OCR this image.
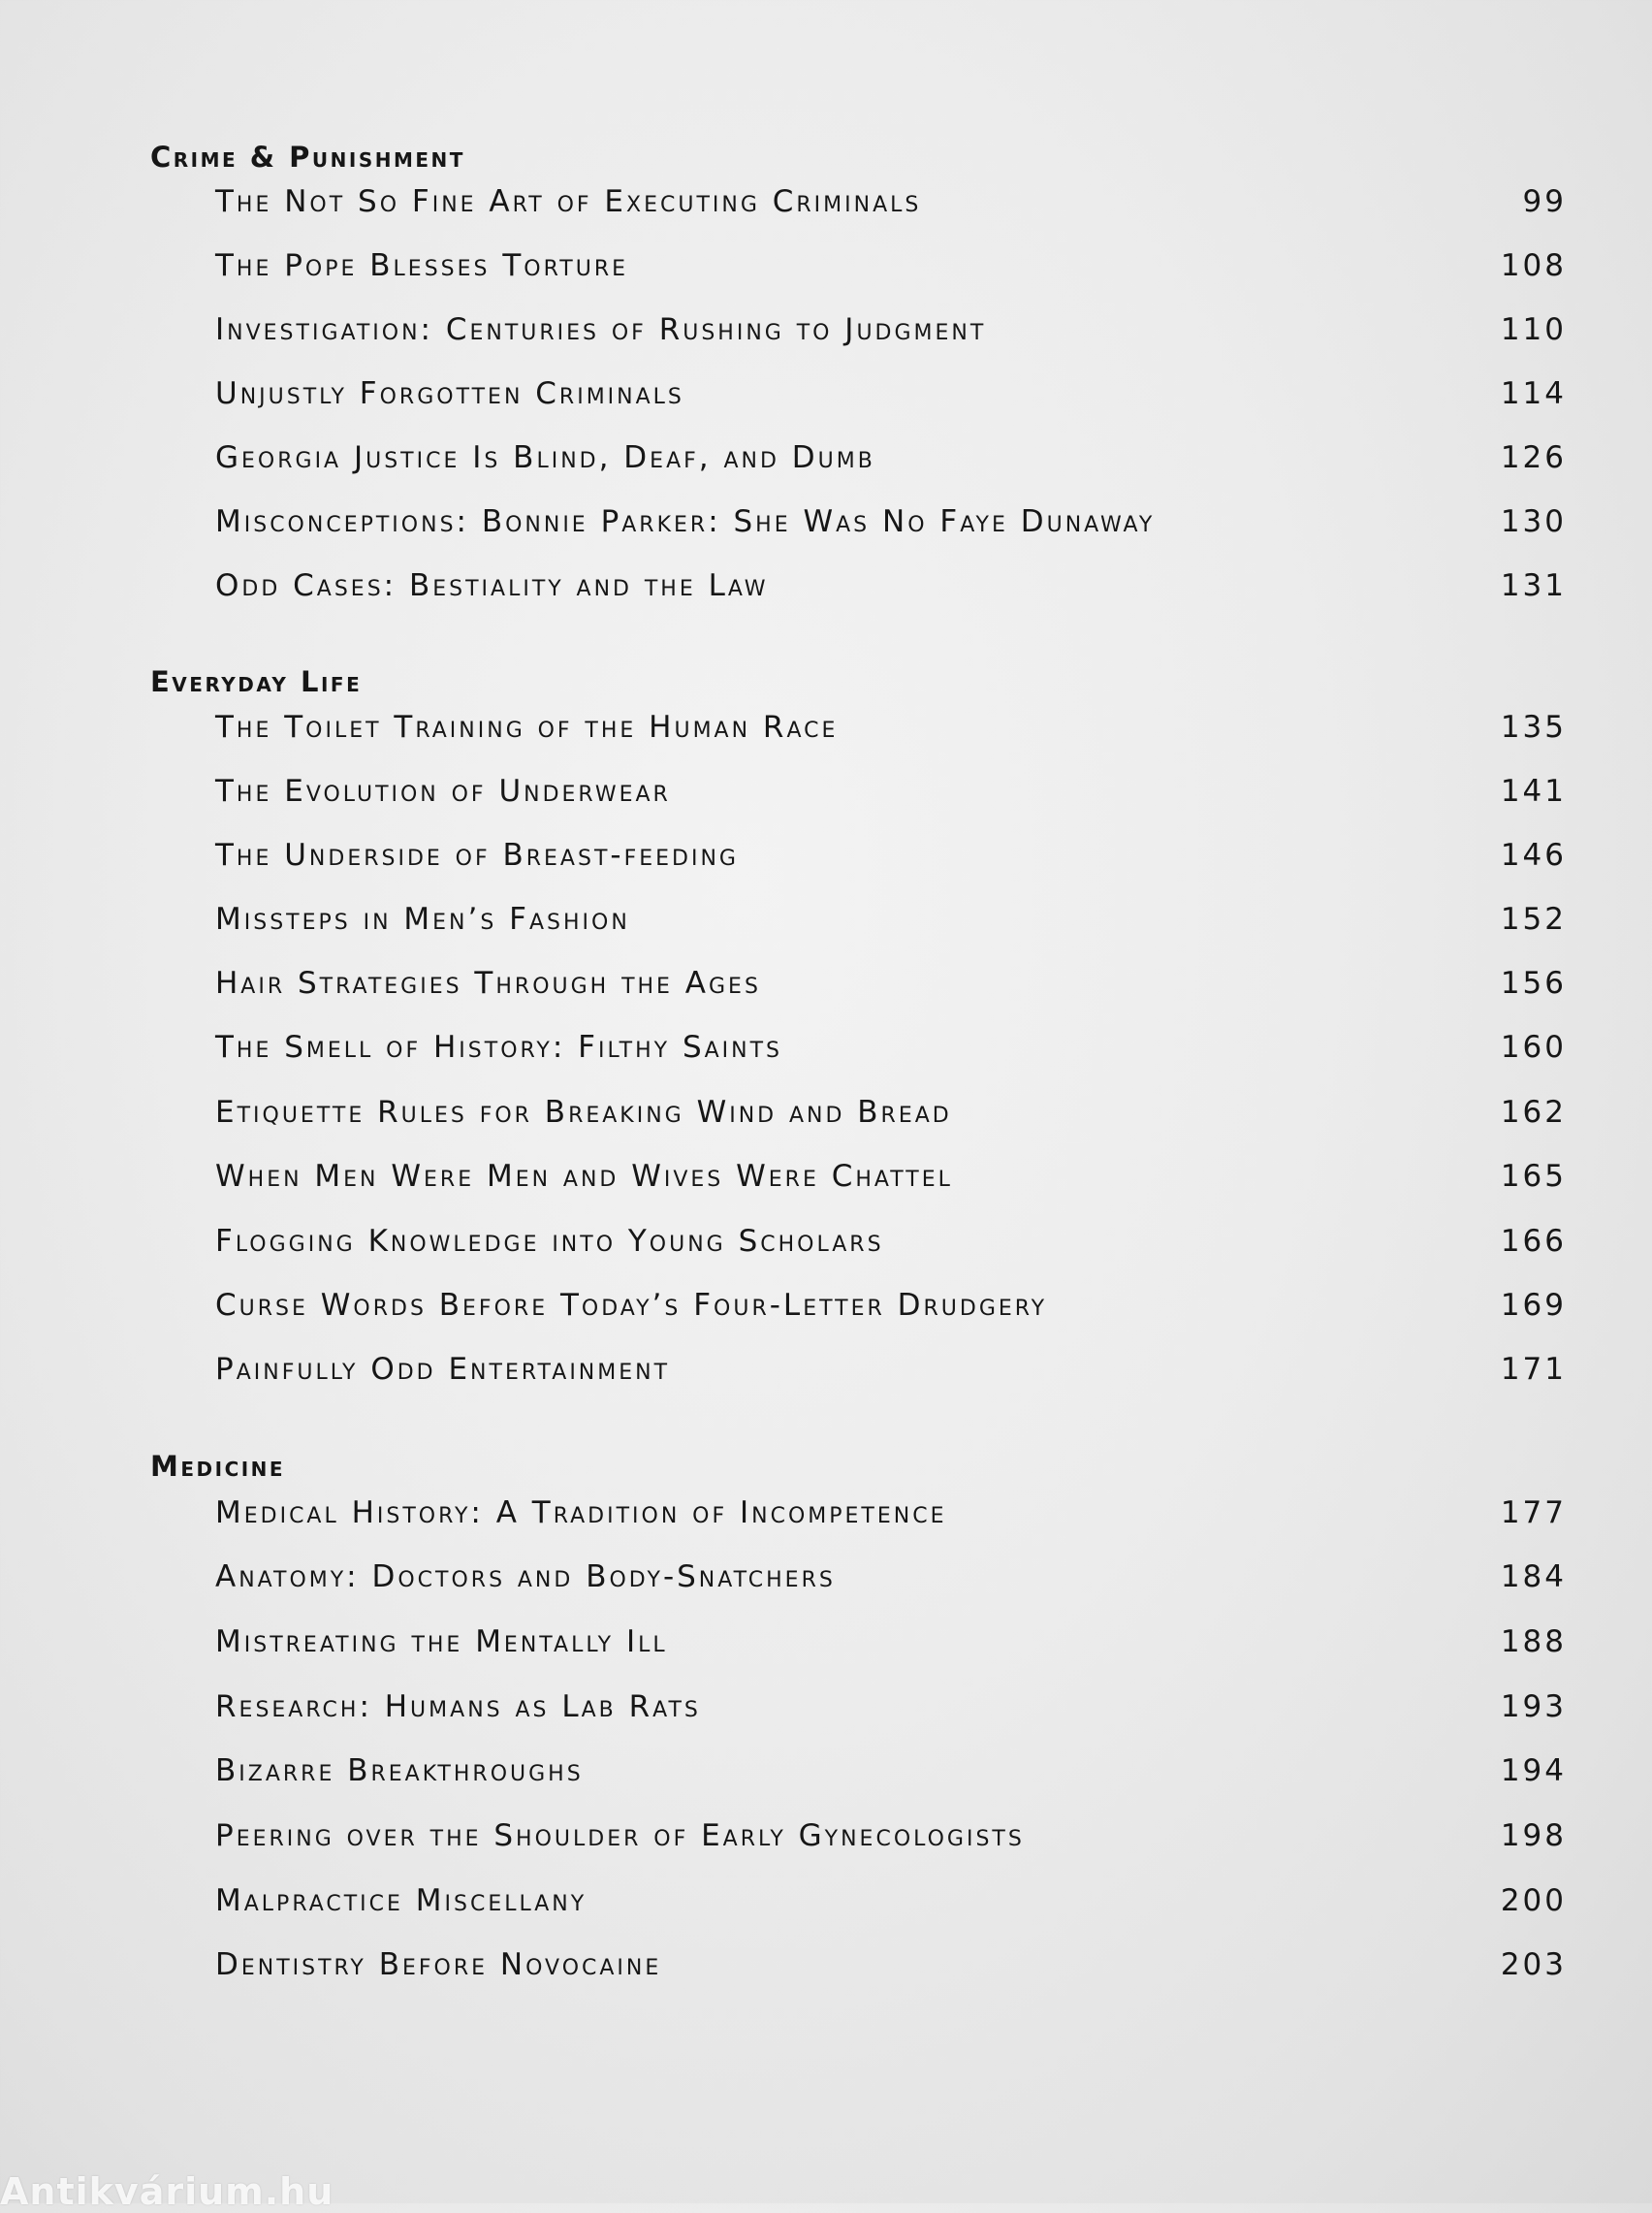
Crime & Punishment
The Not So Fine Art of Executing Criminals	99
The Pope Blesses Torture	108
Investigation: Centuries of Rushing to Judgment	110
Unjustly Forgotten Criminals	114
Georgia Justice Is Blind, Deaf, and Dumb	126
Misconceptions: Bonnie Parker: She Was No Faye Dunaway	130
Odd Cases: Bestiality and the Law	131
Everyday Life
The Toilet Training of the Human Race	135
The Evolution of Underwear	141
The Underside of Breast-feeding	146
Missteps in Men’s Fashion	152
Hair Strategies Through the Ages	156
The Smell of History: Filthy Saints	160
Etiquette Rules for Breaking Wind and Bread	162
When Men Were Men and Wives Were Chattel	165
Flogging Knowledge into Young Scholars	166
Curse Words Before Today’s Four-Letter Drudgery	169
Painfully Odd Entertainment	171
Medicine
Medical History: A Tradition of Incompetence	177
Anatomy: Doctors and Body-Snatchers	184
Mistreating the Mentally Ill	188
Research: Humans as Lab Rats	193
Bizarre Breakthroughs	194
Peering over the Shoulder of Early Gynecologists	198
Malpractice Miscellany	200
Dentistry Before Novocaine	203
Antikvárium.hu
